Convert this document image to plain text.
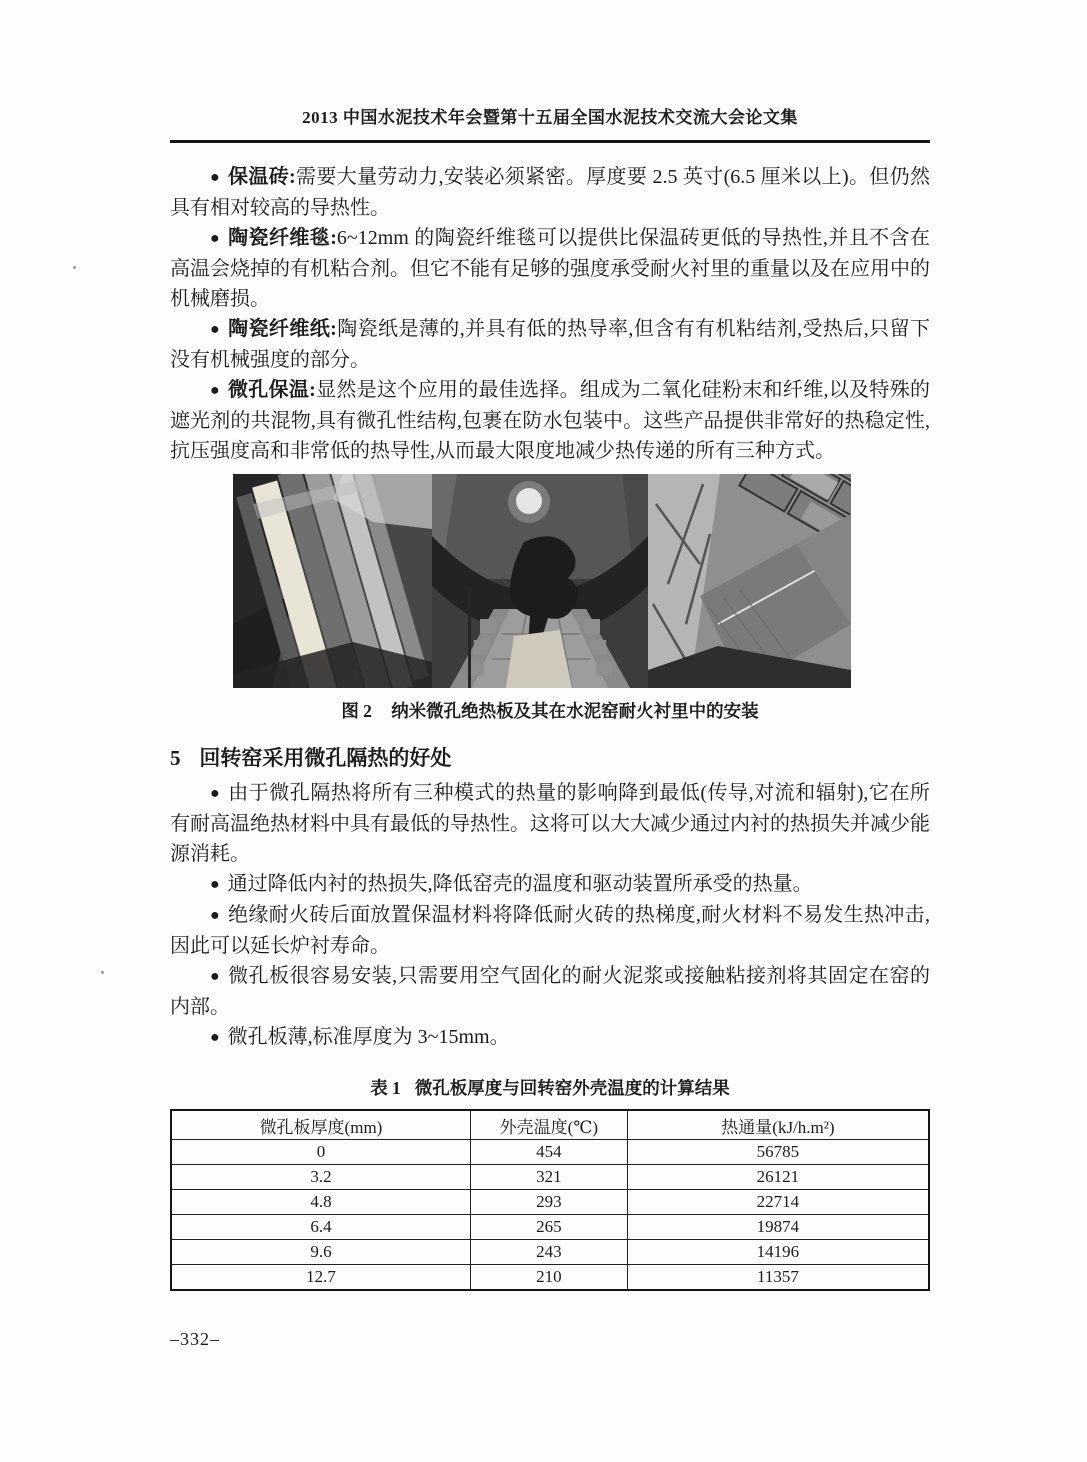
2013 中国水泥技术年会暨第十五届全国水泥技术交流大会论文集

● 保温砖:需要大量劳动力,安装必须紧密。厚度要 2.5 英寸(6.5 厘米以上)。但仍然具有相对较高的导热性。

● 陶瓷纤维毯:6~12mm 的陶瓷纤维毯可以提供比保温砖更低的导热性,并且不含在高温会烧掉的有机粘合剂。但它不能有足够的强度承受耐火衬里的重量以及在应用中的机械磨损。

● 陶瓷纤维纸:陶瓷纸是薄的,并具有低的热导率,但含有有机粘结剂,受热后,只留下没有机械强度的部分。

● 微孔保温:显然是这个应用的最佳选择。组成为二氧化硅粉末和纤维,以及特殊的遮光剂的共混物,具有微孔性结构,包裹在防水包装中。这些产品提供非常好的热稳定性,抗压强度高和非常低的热导性,从而最大限度地减少热传递的所有三种方式。

图 2 纳米微孔绝热板及其在水泥窑耐火衬里中的安装
5 回转窑采用微孔隔热的好处

● 由于微孔隔热将所有三种模式的热量的影响降到最低(传导,对流和辐射),它在所有耐高温绝热材料中具有最低的导热性。这将可以大大减少通过内衬的热损失并减少能源消耗。

● 通过降低内衬的热损失,降低窑壳的温度和驱动装置所承受的热量。

● 绝缘耐火砖后面放置保温材料将降低耐火砖的热梯度,耐火材料不易发生热冲击,因此可以延长炉衬寿命。

● 微孔板很容易安装,只需要用空气固化的耐火泥浆或接触粘接剂将其固定在窑的内部。

● 微孔板薄,标准厚度为 3~15mm。

表 1 微孔板厚度与回转窑外壳温度的计算结果
微孔板厚度(mm)	外壳温度(℃)	热通量(kJ/h.m²)
0	454	56785
3.2	321	26121
4.8	293	22714
6.4	265	19874
9.6	243	14196
12.7	210	11357
–332–
